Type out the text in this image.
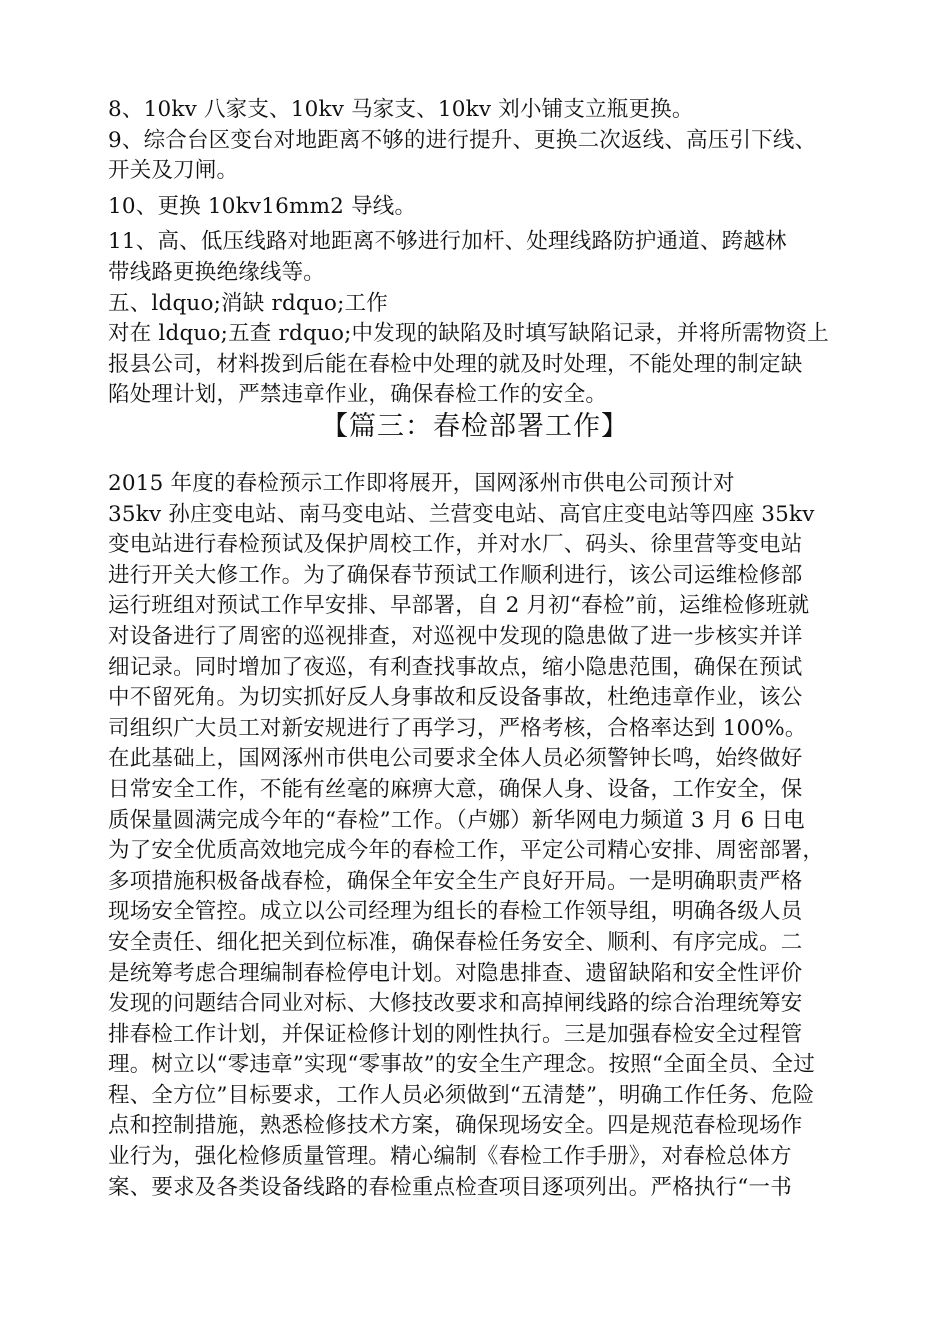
8、10kv 八家支、10kv 马家支、10kv 刘小铺支立瓶更换。
9、综合台区变台对地距离不够的进行提升、更换二次返线、高压引下线、
开关及刀闸。
10、更换 10kv16mm2 导线。
11、高、低压线路对地距离不够进行加杆、处理线路防护通道、跨越林
带线路更换绝缘线等。
五、ldquo;消缺 rdquo;工作
对在 ldquo;五查 rdquo;中发现的缺陷及时填写缺陷记录，并将所需物资上
报县公司，材料拨到后能在春检中处理的就及时处理，不能处理的制定缺
陷处理计划，严禁违章作业，确保春检工作的安全。
【篇三：春检部署工作】
2015 年度的春检预示工作即将展开，国网涿州市供电公司预计对
35kv 孙庄变电站、南马变电站、兰营变电站、高官庄变电站等四座 35kv
变电站进行春检预试及保护周校工作，并对水厂、码头、徐里营等变电站
进行开关大修工作。为了确保春节预试工作顺利进行，该公司运维检修部
运行班组对预试工作早安排、早部署，自 2 月初“春检”前，运维检修班就
对设备进行了周密的巡视排查，对巡视中发现的隐患做了进一步核实并详
细记录。同时增加了夜巡，有利查找事故点，缩小隐患范围，确保在预试
中不留死角。为切实抓好反人身事故和反设备事故，杜绝违章作业，该公
司组织广大员工对新安规进行了再学习，严格考核，合格率达到 100%。
在此基础上，国网涿州市供电公司要求全体人员必须警钟长鸣，始终做好
日常安全工作，不能有丝毫的麻痹大意，确保人身、设备，工作安全，保
质保量圆满完成今年的“春检”工作。（卢娜）新华网电力频道 3 月 6 日电
为了安全优质高效地完成今年的春检工作，平定公司精心安排、周密部署，
多项措施积极备战春检，确保全年安全生产良好开局。一是明确职责严格
现场安全管控。成立以公司经理为组长的春检工作领导组，明确各级人员
安全责任、细化把关到位标准，确保春检任务安全、顺利、有序完成。二
是统筹考虑合理编制春检停电计划。对隐患排查、遗留缺陷和安全性评价
发现的问题结合同业对标、大修技改要求和高掉闸线路的综合治理统筹安
排春检工作计划，并保证检修计划的刚性执行。三是加强春检安全过程管
理。树立以“零违章”实现“零事故”的安全生产理念。按照“全面全员、全过
程、全方位”目标要求，工作人员必须做到“五清楚”，明确工作任务、危险
点和控制措施，熟悉检修技术方案，确保现场安全。四是规范春检现场作
业行为，强化检修质量管理。精心编制《春检工作手册》，对春检总体方
案、要求及各类设备线路的春检重点检查项目逐项列出。严格执行“一书
